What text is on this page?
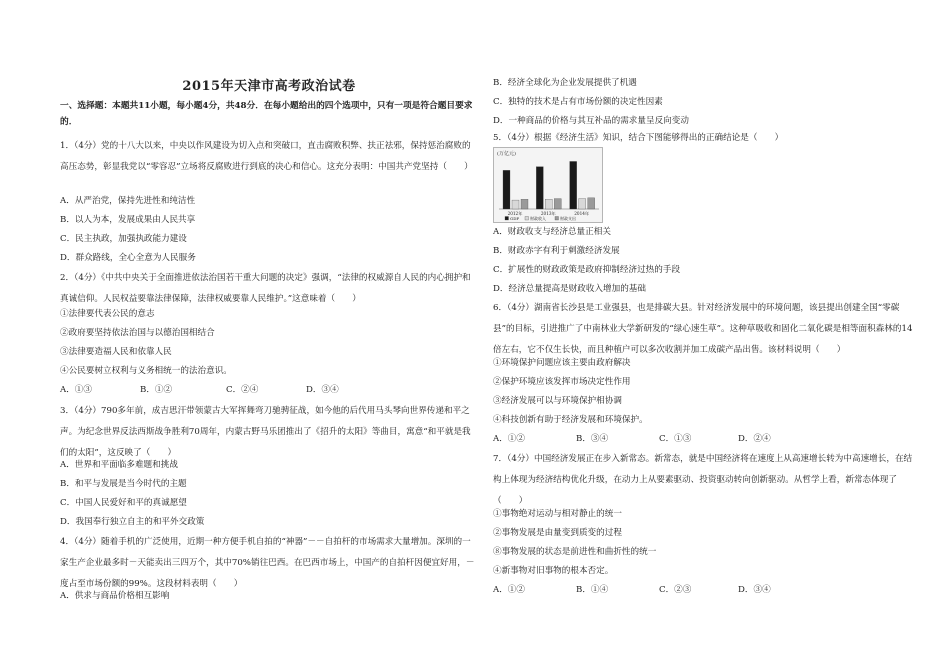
2015年天津市高考政治试卷
一、选择题：本题共11小题，每小题4分，共48分．在每小题给出的四个选项中，只有一项是符合题目要求的．
1．（4分）党的十八大以来，中央以作风建设为切入点和突破口，直击腐败积弊、扶正祛邪，保持惩治腐败的高压态势，彰显我党以“零容忍”立场将反腐败进行到底的决心和信心。这充分表明：中国共产党坚持（　　）
A．从严治党，保持先进性和纯洁性
B．以人为本，发展成果由人民共享
C．民主执政，加强执政能力建设
D．群众路线，全心全意为人民服务
2．（4分）《中共中央关于全面推进依法治国若干重大问题的决定》强调，“法律的权威源自人民的内心拥护和真诚信仰。人民权益要靠法律保障，法律权威要靠人民维护。”这意味着（　　）
①法律要代表公民的意志
②政府要坚持依法治国与以德治国相结合
③法律要造福人民和依靠人民
④公民要树立权利与义务相统一的法治意识。
A．①③	B．①②	C．②④	D．③④
3．（4分）790多年前，成吉思汗带领蒙古大军挥舞弯刀驰骋征战，如今他的后代用马头琴向世界传递和平之声。为纪念世界反法西斯战争胜利70周年，内蒙古野马乐团推出了《招升的太阳》等曲目，寓意“和平就是我们的太阳”，这反映了（　　）
A．世界和平面临多难题和挑战
B．和平与发展是当今时代的主题
C．中国人民爱好和平的真诚愿望
D．我国奉行独立自主的和平外交政策
4．（4分）随着手机的广泛使用，近期一种方便手机自拍的“神器”－－自拍杆的市场需求大量增加。深圳的一家生产企业最多时－天能卖出三四万个，其中70%销往巴西。在巴西市场上，中国产的自拍杆因便宜好用，－度占至市场份额的99%。这段材料表明（　　）
A．供求与商品价格相互影响
B．经济全球化为企业发展提供了机遇
C．独特的技术是占有市场份额的决定性因素
D．一种商品的价格与其互补品的需求量呈反向变动
5．（4分）根据《经济生活》知识，结合下图能够得出的正确结论是（　　）
(万亿元)
2012年	2013年	2014年
GDP	财政收入	财政支出
A．财政收支与经济总量正相关
B．财政赤字有利于刺激经济发展
C．扩展性的财政政策是政府抑制经济过热的手段
D．经济总量提高是财政收入增加的基础
6．（4分）湖南省长沙县是工业强县，也是排碳大县。针对经济发展中的环境问题，该县提出创建全国“零碳县”的目标，引进推广了中南林业大学新研发的“绿心速生草”。这种草吸收和固化二氧化碳是相等面积森林的14倍左右，它不仅生长快，而且种植户可以多次收割并加工成碳产品出售。该材料说明（　　）
①环境保护问题应该主要由政府解决
②保护环境应该发挥市场决定性作用
③经济发展可以与环境保护相协调
④科技创新有助于经济发展和环境保护。
A．①②	B．③④	C．①③	D．②④
7．（4分）中国经济发展正在步入新常态。新常态，就是中国经济将在速度上从高速增长转为中高速增长，在结构上体现为经济结构优化升级，在动力上从要素驱动、投资驱动转向创新驱动。从哲学上看，新常态体现了（　　）
①事物绝对运动与相对静止的统一
②事物发展是由量变到质变的过程
⑧事物发展的状态是前进性和曲折性的统一
④新事物对旧事物的根本否定。
A．①②	B．①④	C．②③	D．③④
